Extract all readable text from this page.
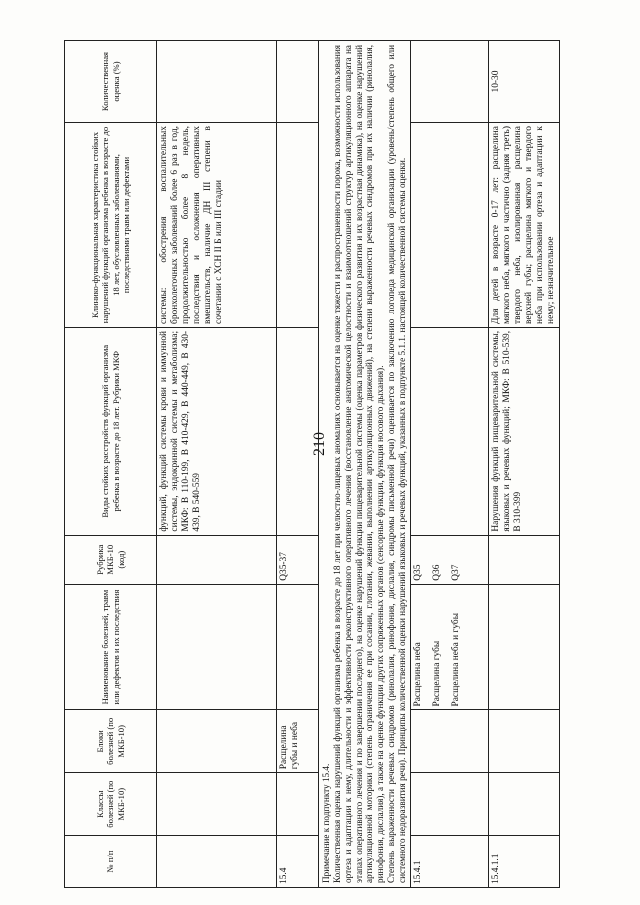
210
№ п/п	Классы болезней (по МКБ-10)	Блоки болезней (по МКБ-10)	Наименование болезней, травм или дефектов и их последствия	Рубрика МКБ-10 (код)	Виды стойких расстройств функций организма ребенка в возрасте до 18 лет. Рубрики МКФ	Клинико-функциональная характеристика стойких нарушений функций организма ребенка в возрасте до 18 лет, обусловленных заболеваниями, последствиями травм или дефектами	Количественная оценка (%)
					функций, функций системы крови и иммунной системы, эндокринной системы и метаболизма; МКФ: В 110-199, В 410-429, В 440-449, В 430-439, В 540-559	системы: обострения воспалительных бронхолегочных заболеваний более 6 раз в год, продолжительностью более 8 недель, последствия и осложнения оперативных вмешательств, наличие ДН III степени в сочетании с ХСН II Б или III стадии	
15.4		Расщелина губы и неба		Q35-37			

Примечание к подпункту 15.4. Количественная оценка нарушений функций организма ребенка в возрасте до 18 лет при челюстно-лицевых аномалиях основывается на оценке тяжести и распространенности порока, возможности использования ортеза и адаптации к нему, длительности и эффективности реконструктивного оперативного лечения (восстановление анатомической целостности и взаимоотношений структур артикуляционного аппарата на этапах оперативного лечения и по завершении последнего), на оценке нарушений функции пищеварительной системы (оценка параметров физического развития и их возрастная динамика), на оценке нарушений артикуляционной моторики (степень ограничения ее при сосании, глотании, жевании, выполнении артикуляционных движений), на степени выраженности речевых синдромов при их наличии (ринолалия, ринофония, дислалия), а также на оценке функции других сопряженных органов (сенсорные функции, функция носового дыхания). Степень выраженности речевых синдромов (ринолалия, ринофония, дислалия, синдромы письменной речи) оценивается по заключению логопеда медицинской организации (уровень/степень общего или системного недоразвития речи). Принципы количественной оценки нарушений языковых и речевых функций, указанных в подпункте 5.1.1. настоящей количественной системы оценки.							

15.4.1			Расщелина неба Расщелина губы Расщелина неба и губы	Q35 Q36 Q37			

15.4.1.1					Нарушения функций пищеварительной системы, языковых и речевых функций; МКФ: В 510-539, В 310-399	Для детей в возрасте 0-17 лет: расщелина мягкого неба, мягкого и частично (задняя треть) твердого неба, изолированная расщелина верхней губы; расщелина мягкого и твердого неба при использовании ортеза и адаптации к нему; незначительное	10-30
